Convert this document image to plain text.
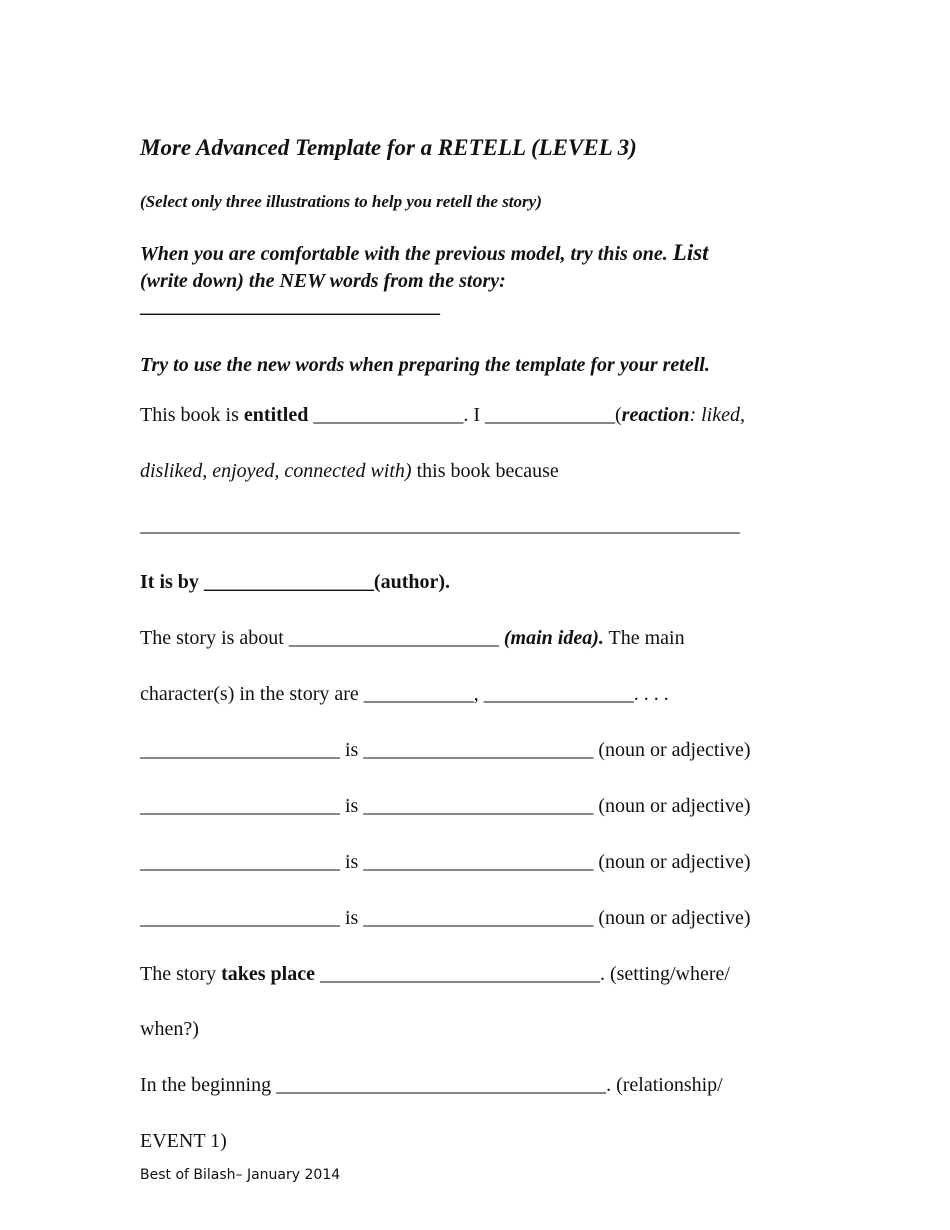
More Advanced Template for a RETELL (LEVEL 3)
(Select only three illustrations to help you retell the story)
When you are comfortable with the previous model, try this one. List
(write down) the NEW words from the story:
______________________________
Try to use the new words when preparing the template for your retell.
This book is entitled _______________. I _____________(reaction: liked,
disliked, enjoyed, connected with) this book because
____________________________________________________________
It is by _________________(author).
The story is about _____________________ (main idea). The main
character(s) in the story are ___________, _______________. . . .
____________________ is _______________________ (noun or adjective)
____________________ is _______________________ (noun or adjective)
____________________ is _______________________ (noun or adjective)
____________________ is _______________________ (noun or adjective)
The story takes place ____________________________. (setting/where/
when?)
In the beginning _________________________________. (relationship/
EVENT 1)
Best of Bilash– January 2014
